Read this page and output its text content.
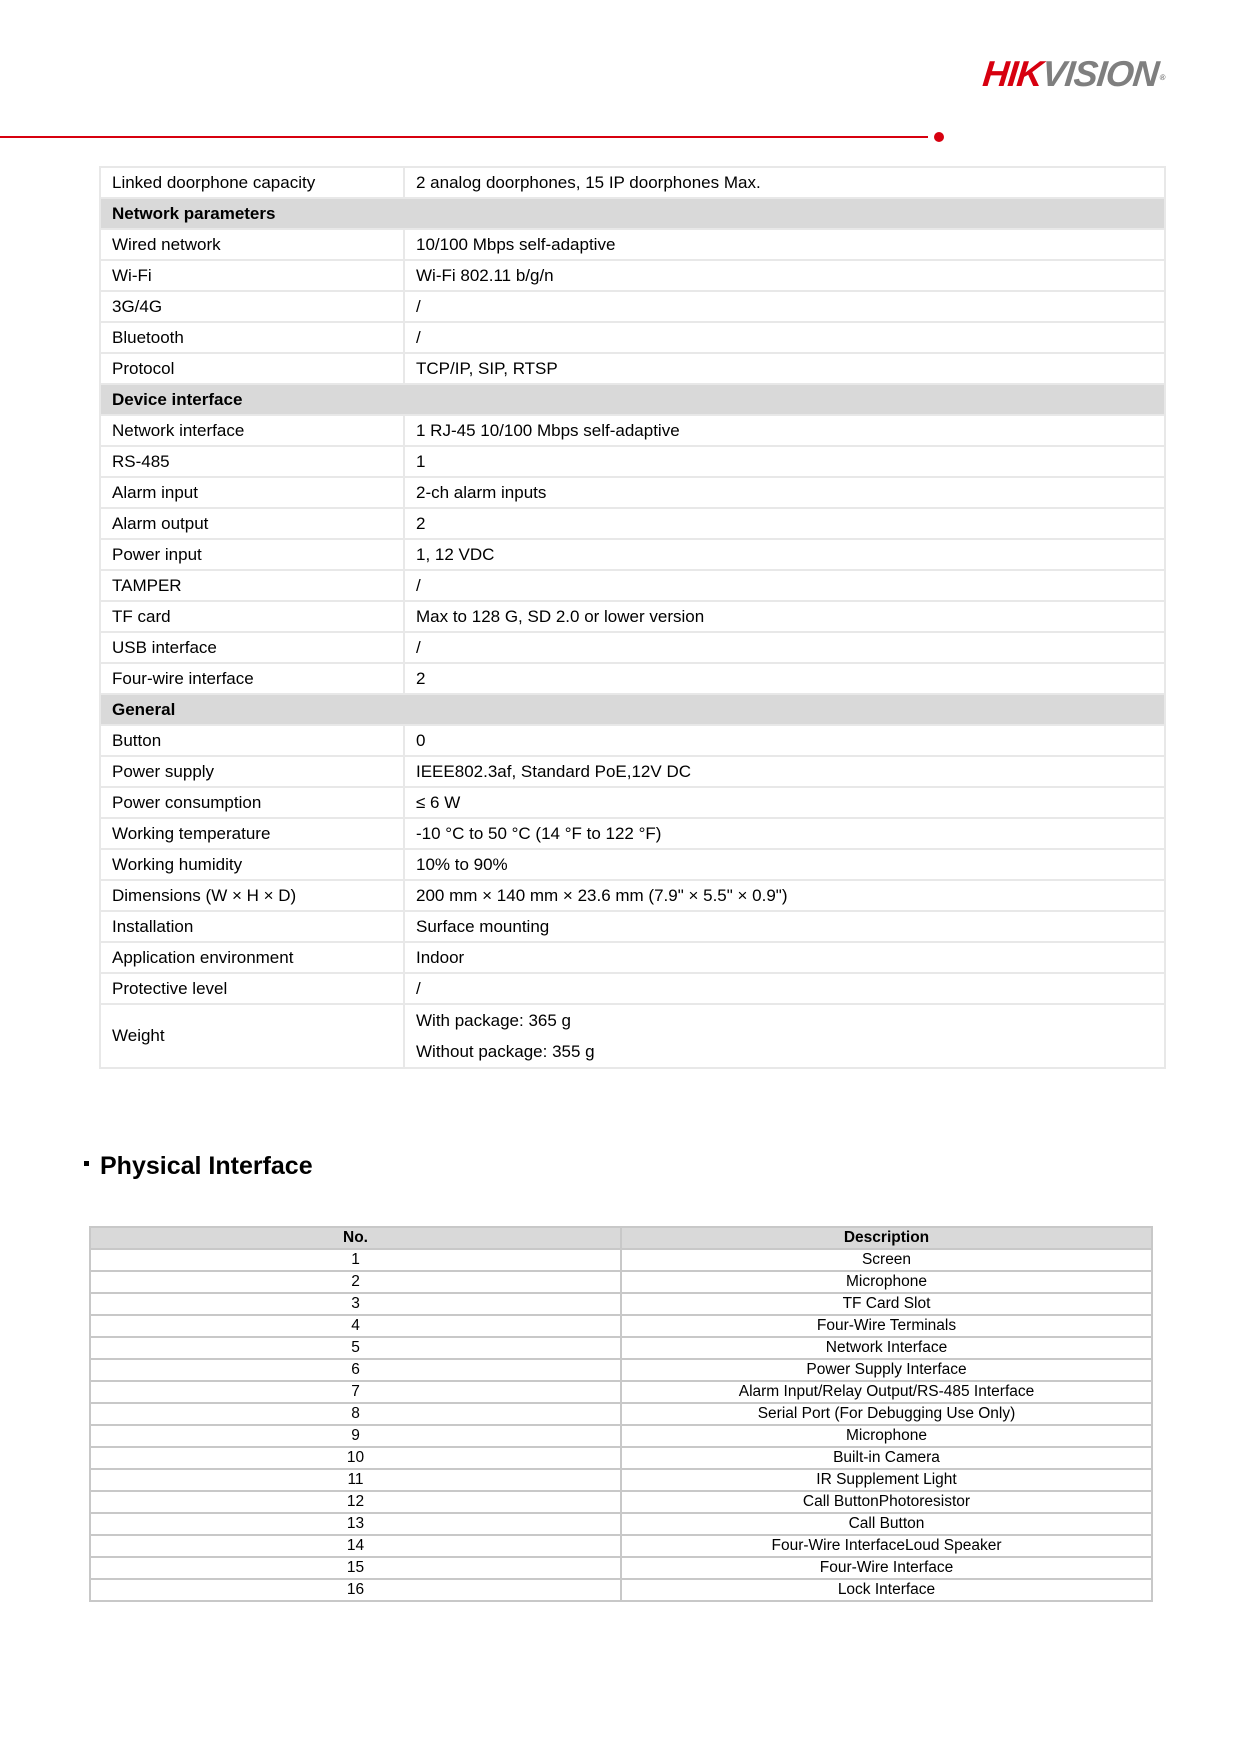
HIKVISION®
Linked doorphone capacity	2 analog doorphones, 15 IP doorphones Max.
Network parameters	
Wired network	10/100 Mbps self-adaptive
Wi-Fi	Wi-Fi 802.11 b/g/n
3G/4G	/
Bluetooth	/
Protocol	TCP/IP, SIP, RTSP
Device interface	
Network interface	1 RJ-45 10/100 Mbps self-adaptive
RS-485	1
Alarm input	2-ch alarm inputs
Alarm output	2
Power input	1, 12 VDC
TAMPER	/
TF card	Max to 128 G, SD 2.0 or lower version
USB interface	/
Four-wire interface	2
General	
Button	0
Power supply	IEEE802.3af, Standard PoE,12V DC
Power consumption	≤ 6 W
Working temperature	-10 °C to 50 °C (14 °F to 122 °F)
Working humidity	10% to 90%
Dimensions (W × H × D)	200 mm × 140 mm × 23.6 mm (7.9" × 5.5" × 0.9")
Installation	Surface mounting
Application environment	Indoor
Protective level	/
Weight	With package: 365 g
Without package: 355 g
Physical Interface
No.	Description
1	Screen
2	Microphone
3	TF Card Slot
4	Four-Wire Terminals
5	Network Interface
6	Power Supply Interface
7	Alarm Input/Relay Output/RS-485 Interface
8	Serial Port (For Debugging Use Only)
9	Microphone
10	Built-in Camera
11	IR Supplement Light
12	Call ButtonPhotoresistor
13	Call Button
14	Four-Wire InterfaceLoud Speaker
15	Four-Wire Interface
16	Lock Interface
